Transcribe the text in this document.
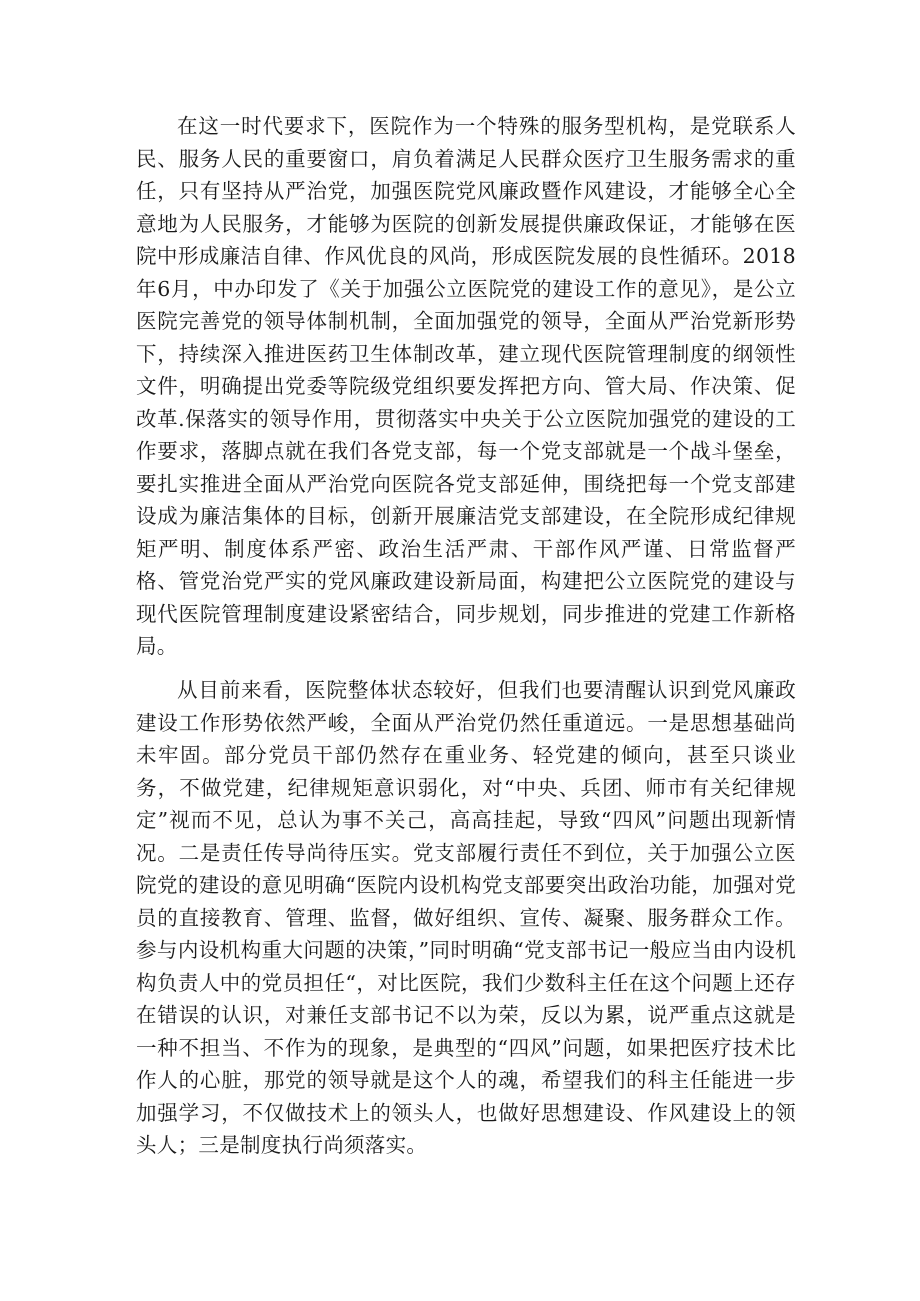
在这一时代要求下，医院作为一个特殊的服务型机构，是党联系人民、服务人民的重要窗口，肩负着满足人民群众医疗卫生服务需求的重任，只有坚持从严治党，加强医院党风廉政暨作风建设，才能够全心全意地为人民服务，才能够为医院的创新发展提供廉政保证，才能够在医院中形成廉洁自律、作风优良的风尚，形成医院发展的良性循环。2018年6月，中办印发了《关于加强公立医院党的建设工作的意见》，是公立医院完善党的领导体制机制，全面加强党的领导，全面从严治党新形势下，持续深入推进医药卫生体制改革，建立现代医院管理制度的纲领性文件，明确提出党委等院级党组织要发挥把方向、管大局、作决策、促改革.保落实的领导作用，贯彻落实中央关于公立医院加强党的建设的工作要求，落脚点就在我们各党支部，每一个党支部就是一个战斗堡垒，要扎实推进全面从严治党向医院各党支部延伸，围绕把每一个党支部建设成为廉洁集体的目标，创新开展廉洁党支部建设，在全院形成纪律规矩严明、制度体系严密、政治生活严肃、干部作风严谨、日常监督严格、管党治党严实的党风廉政建设新局面，构建把公立医院党的建设与现代医院管理制度建设紧密结合，同步规划，同步推进的党建工作新格局。

从目前来看，医院整体状态较好，但我们也要清醒认识到党风廉政建设工作形势依然严峻，全面从严治党仍然任重道远。一是思想基础尚未牢固。部分党员干部仍然存在重业务、轻党建的倾向，甚至只谈业务，不做党建，纪律规矩意识弱化，对“中央、兵团、师市有关纪律规定”视而不见，总认为事不关己，高高挂起，导致“四风”问题出现新情况。二是责任传导尚待压实。党支部履行责任不到位，关于加强公立医院党的建设的意见明确“医院内设机构党支部要突出政治功能，加强对党员的直接教育、管理、监督，做好组织、宣传、凝聚、服务群众工作。参与内设机构重大问题的决策，”同时明确“党支部书记一般应当由内设机构负责人中的党员担任“，对比医院，我们少数科主任在这个问题上还存在错误的认识，对兼任支部书记不以为荣，反以为累，说严重点这就是一种不担当、不作为的现象，是典型的“四风”问题，如果把医疗技术比作人的心脏，那党的领导就是这个人的魂，希望我们的科主任能进一步加强学习，不仅做技术上的领头人，也做好思想建设、作风建设上的领头人；三是制度执行尚须落实。
